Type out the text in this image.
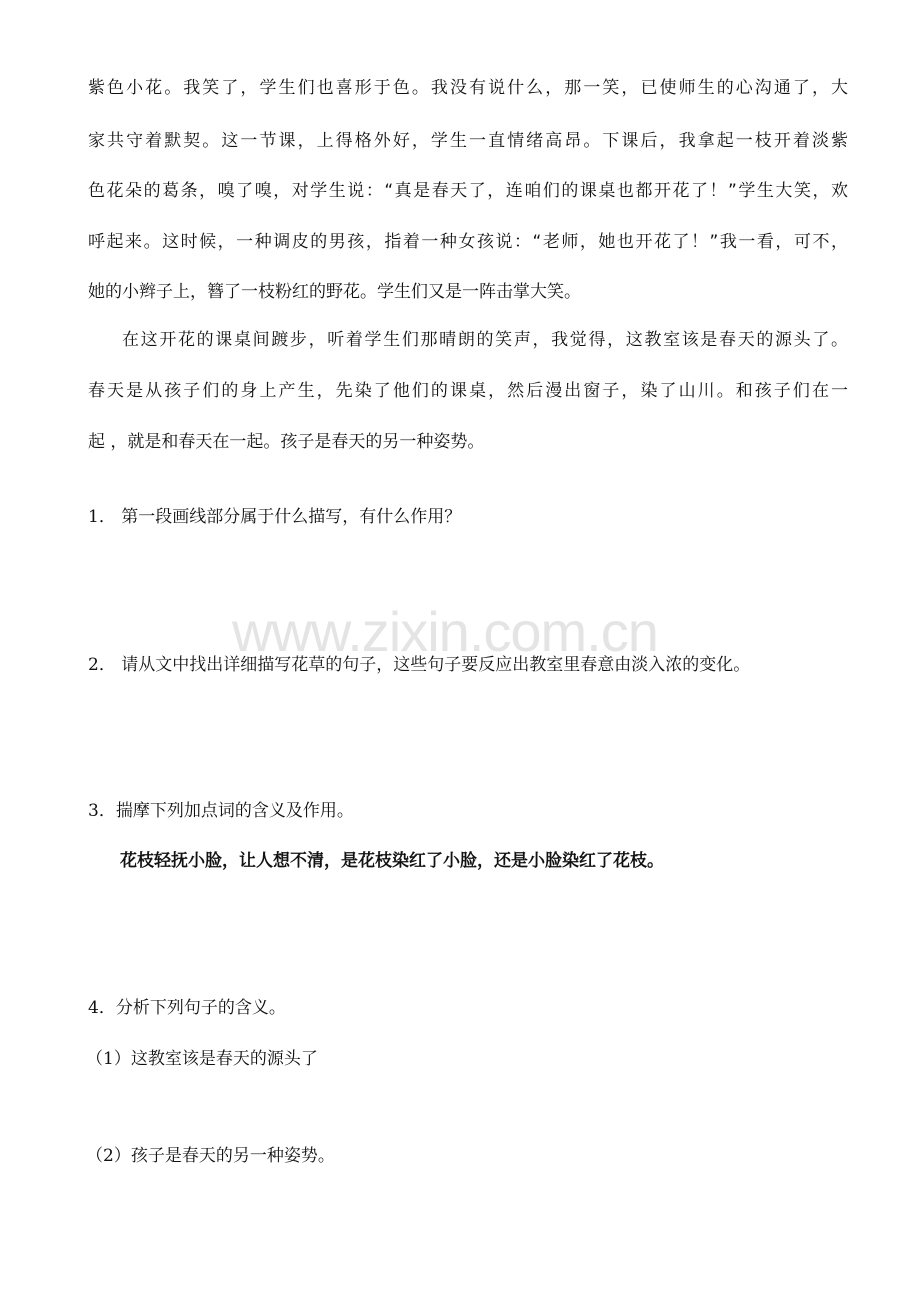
紫色小花。我笑了，学生们也喜形于色。我没有说什么，那一笑，已使师生的心沟通了，大
家共守着默契。这一节课，上得格外好，学生一直情绪高昂。下课后，我拿起一枝开着淡紫
色花朵的葛条，嗅了嗅，对学生说：“真是春天了，连咱们的课桌也都开花了！”学生大笑，欢
呼起来。这时候，一种调皮的男孩，指着一种女孩说：“老师，她也开花了！”我一看，可不，
她的小辫子上，簪了一枝粉红的野花。学生们又是一阵击掌大笑。
在这开花的课桌间踱步，听着学生们那晴朗的笑声，我觉得，这教室该是春天的源头了。
春天是从孩子们的身上产生，先染了他们的课桌，然后漫出窗子，染了山川。和孩子们在一
起 ，就是和春天在一起。孩子是春天的另一种姿势。
1． 第一段画线部分属于什么描写，有什么作用？
www.zixin.com.cn
2． 请从文中找出详细描写花草的句子，这些句子要反应出教室里春意由淡入浓的变化。
3．揣摩下列加点词的含义及作用。
花枝轻抚小脸，让人想不清，是花枝染红了小脸，还是小脸染红了花枝。
4．分析下列句子的含义。
（1）这教室该是春天的源头了
（2）孩子是春天的另一种姿势。
